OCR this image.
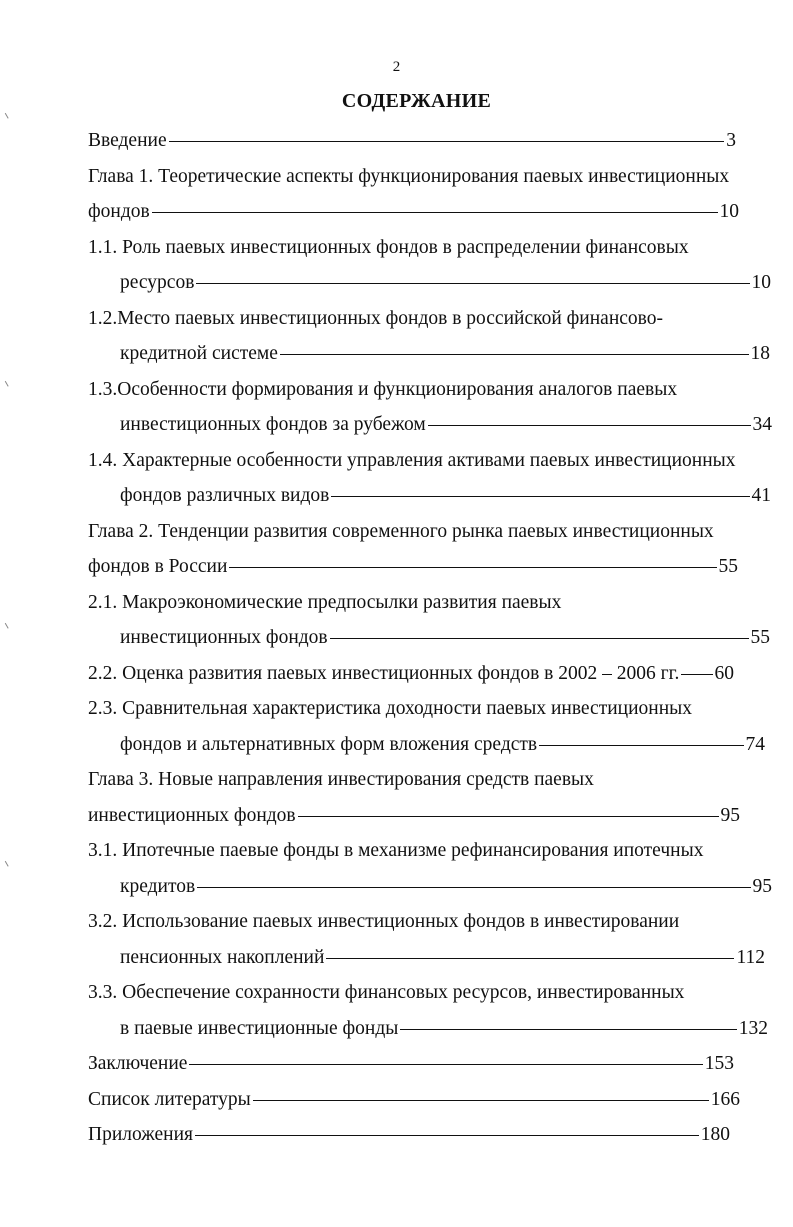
2
СОДЕРЖАНИЕ
Введение	3
Глава 1. Теоретические аспекты функционирования паевых инвестиционных
фондов	10
1.1. Роль паевых инвестиционных фондов в распределении финансовых
ресурсов	10
1.2.Место паевых инвестиционных фондов в российской финансово-
кредитной системе	18
1.3.Особенности формирования и функционирования аналогов паевых
инвестиционных фондов за рубежом	34
1.4. Характерные особенности управления активами паевых инвестиционных
фондов различных видов	41
Глава 2. Тенденции развития современного рынка паевых инвестиционных
фондов в России	55
2.1. Макроэкономические предпосылки развития паевых
инвестиционных фондов	55
2.2. Оценка развития паевых инвестиционных фондов в 2002 – 2006 гг. 60
2.3. Сравнительная характеристика доходности паевых инвестиционных
фондов и альтернативных форм вложения средств	74
Глава 3. Новые направления инвестирования средств паевых
инвестиционных фондов	95
3.1. Ипотечные паевые фонды в механизме рефинансирования ипотечных
кредитов	95
3.2. Использование паевых инвестиционных фондов в инвестировании
пенсионных накоплений	112
3.3. Обеспечение сохранности финансовых ресурсов, инвестированных
в паевые инвестиционные фонды	132
Заключение	153
Список литературы	166
Приложения	180
